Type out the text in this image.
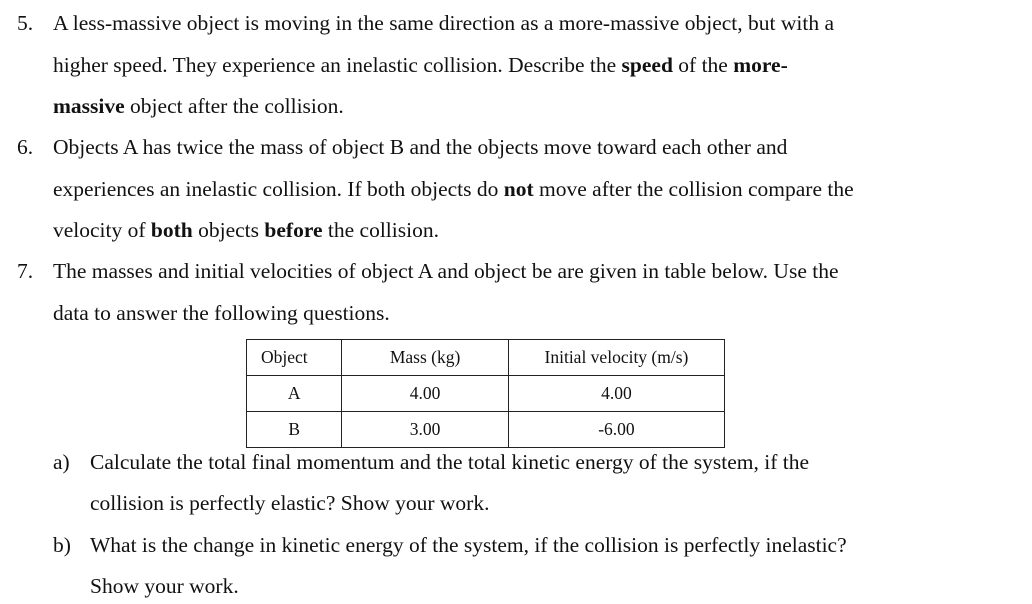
5. A less-massive object is moving in the same direction as a more-massive object, but with a
higher speed. They experience an inelastic collision. Describe the speed of the more-
massive object after the collision.
6. Objects A has twice the mass of object B and the objects move toward each other and
experiences an inelastic collision. If both objects do not move after the collision compare the
velocity of both objects before the collision.
7. The masses and initial velocities of object A and object be are given in table below. Use the
data to answer the following questions.
Object	Mass (kg)	Initial velocity (m/s)
A	4.00	4.00
B	3.00	-6.00
a) Calculate the total final momentum and the total kinetic energy of the system, if the
collision is perfectly elastic? Show your work.
b) What is the change in kinetic energy of the system, if the collision is perfectly inelastic?
Show your work.
